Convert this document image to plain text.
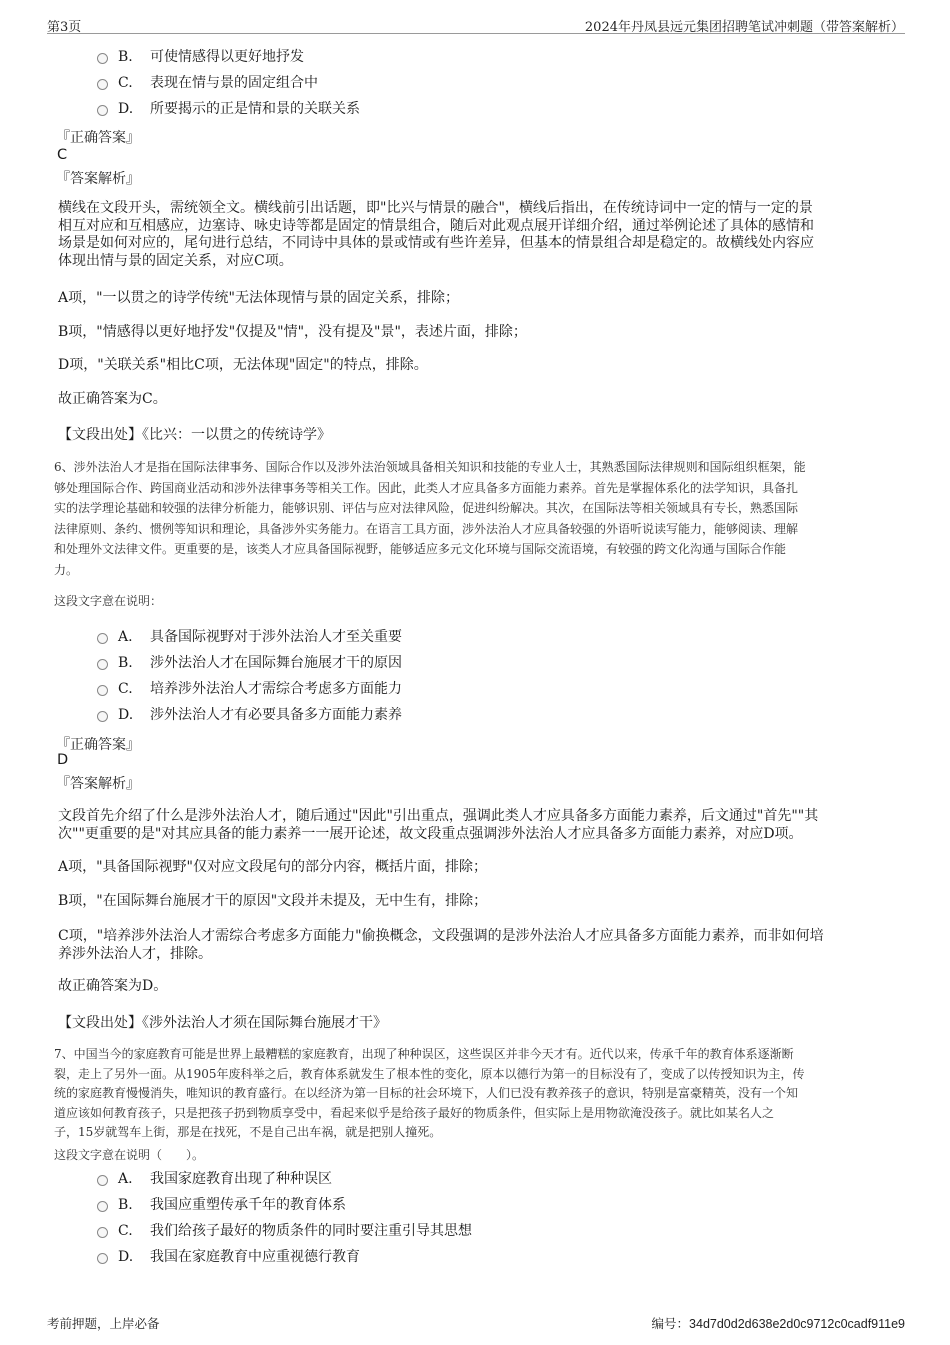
第3页	2024年丹凤县远元集团招聘笔试冲刺题（带答案解析）
B. 可使情感得以更好地抒发
C. 表现在情与景的固定组合中
D. 所要揭示的正是情和景的关联关系
『正确答案』
C
『答案解析』
横线在文段开头，需统领全文。横线前引出话题，即"比兴与情景的融合"，横线后指出，在传统诗词中一定的情与一定的景
相互对应和互相感应，边塞诗、咏史诗等都是固定的情景组合，随后对此观点展开详细介绍，通过举例论述了具体的感情和
场景是如何对应的，尾句进行总结，不同诗中具体的景或情或有些许差异，但基本的情景组合却是稳定的。故横线处内容应
体现出情与景的固定关系，对应C项。
A项，"一以贯之的诗学传统"无法体现情与景的固定关系，排除；
B项，"情感得以更好地抒发"仅提及"情"，没有提及"景"，表述片面，排除；
D项，"关联关系"相比C项，无法体现"固定"的特点，排除。
故正确答案为C。
【文段出处】《比兴：一以贯之的传统诗学》
6、涉外法治人才是指在国际法律事务、国际合作以及涉外法治领域具备相关知识和技能的专业人士，其熟悉国际法律规则和国际组织框架，能
够处理国际合作、跨国商业活动和涉外法律事务等相关工作。因此，此类人才应具备多方面能力素养。首先是掌握体系化的法学知识，具备扎
实的法学理论基础和较强的法律分析能力，能够识别、评估与应对法律风险，促进纠纷解决。其次，在国际法等相关领域具有专长，熟悉国际
法律原则、条约、惯例等知识和理论，具备涉外实务能力。在语言工具方面，涉外法治人才应具备较强的外语听说读写能力，能够阅读、理解
和处理外文法律文件。更重要的是，该类人才应具备国际视野，能够适应多元文化环境与国际交流语境，有较强的跨文化沟通与国际合作能
力。
这段文字意在说明：
A. 具备国际视野对于涉外法治人才至关重要
B. 涉外法治人才在国际舞台施展才干的原因
C. 培养涉外法治人才需综合考虑多方面能力
D. 涉外法治人才有必要具备多方面能力素养
『正确答案』
D
『答案解析』
文段首先介绍了什么是涉外法治人才，随后通过"因此"引出重点，强调此类人才应具备多方面能力素养，后文通过"首先""其
次""更重要的是"对其应具备的能力素养一一展开论述，故文段重点强调涉外法治人才应具备多方面能力素养，对应D项。
A项，"具备国际视野"仅对应文段尾句的部分内容，概括片面，排除；
B项，"在国际舞台施展才干的原因"文段并未提及，无中生有，排除；
C项，"培养涉外法治人才需综合考虑多方面能力"偷换概念，文段强调的是涉外法治人才应具备多方面能力素养，而非如何培
养涉外法治人才，排除。
故正确答案为D。
【文段出处】《涉外法治人才须在国际舞台施展才干》
7、中国当今的家庭教育可能是世界上最糟糕的家庭教育，出现了种种误区，这些误区并非今天才有。近代以来，传承千年的教育体系逐渐断
裂，走上了另外一面。从1905年废科举之后，教育体系就发生了根本性的变化，原本以德行为第一的目标没有了，变成了以传授知识为主，传
统的家庭教育慢慢消失，唯知识的教育盛行。在以经济为第一目标的社会环境下，人们已没有教养孩子的意识，特别是富豪精英，没有一个知
道应该如何教育孩子，只是把孩子扔到物质享受中，看起来似乎是给孩子最好的物质条件，但实际上是用物欲淹没孩子。就比如某名人之
子，15岁就驾车上街，那是在找死，不是自己出车祸，就是把别人撞死。
这段文字意在说明（　　）。
A. 我国家庭教育出现了种种误区
B. 我国应重塑传承千年的教育体系
C. 我们给孩子最好的物质条件的同时要注重引导其思想
D. 我国在家庭教育中应重视德行教育
考前押题，上岸必备	编号：34d7d0d2d638e2d0c9712c0cadf911e9
